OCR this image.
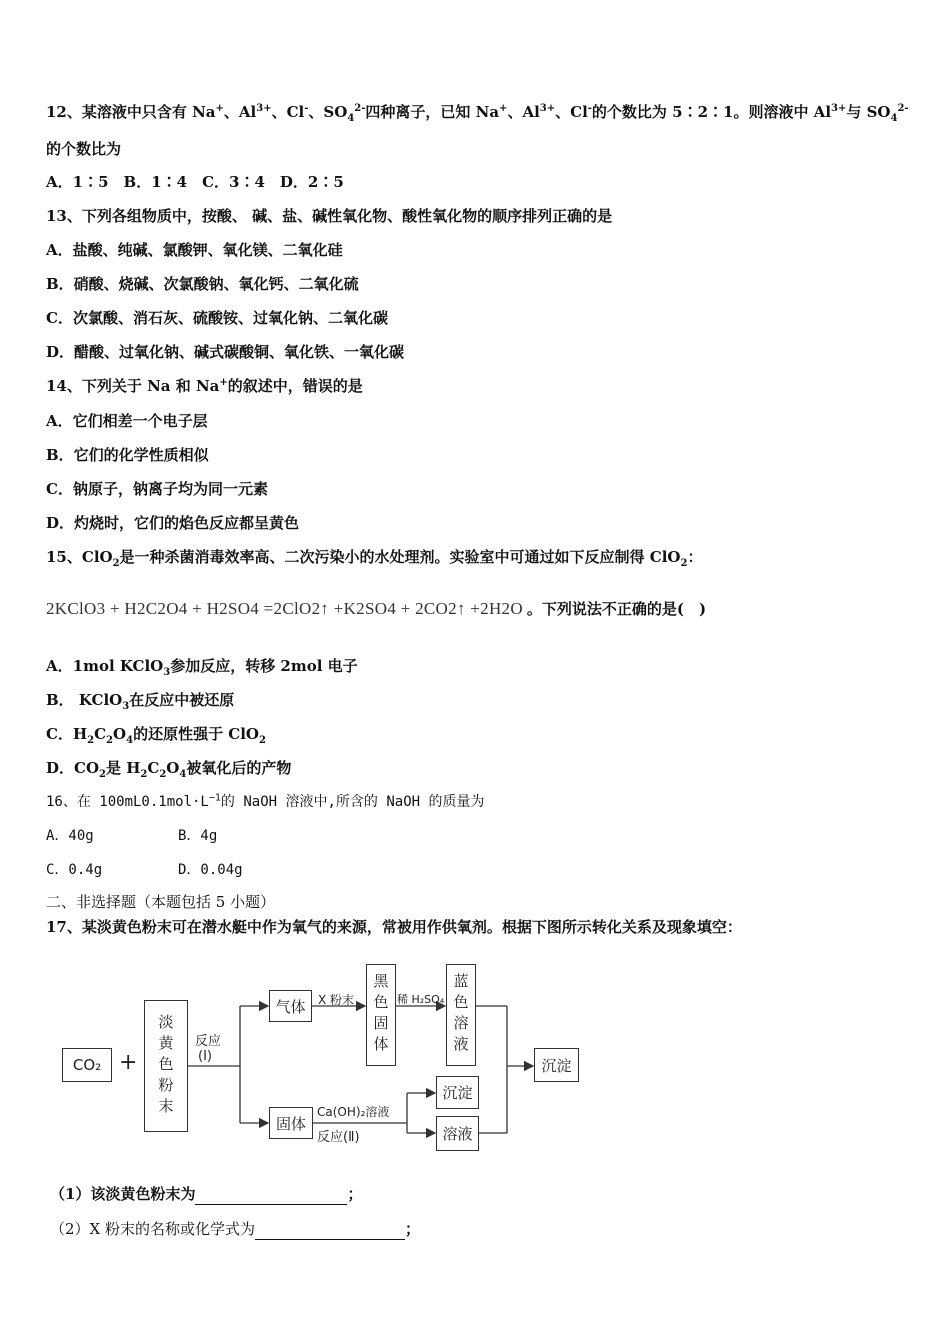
12、某溶液中只含有 Na+、$Al^{3+}$、Cl-、$SO_4^{2-}$四种离子，已知 Na+、$Al^{3+}$、Cl-的个数比为 5∶2∶1。则溶液中 $Al^{3+}$与 $SO_4^{2-}$
的个数比为
A．1∶5　B．1∶4　C．3∶4　D．2∶5
13、下列各组物质中，按酸、 碱、盐、碱性氧化物、酸性氧化物的顺序排列正确的是
A．盐酸、纯碱、氯酸钾、氧化镁、二氧化硅
B．硝酸、烧碱、次氯酸钠、氧化钙、二氧化硫
C．次氯酸、消石灰、硫酸铵、过氧化钠、二氧化碳
D．醋酸、过氧化钠、碱式碳酸铜、氧化铁、一氧化碳
14、下列关于 Na 和 Na+的叙述中，错误的是
A．它们相差一个电子层
B．它们的化学性质相似
C．钠原子，钠离子均为同一元素
D．灼烧时，它们的焰色反应都呈黄色
15、ClO$_2$是一种杀菌消毒效率高、二次污染小的水处理剂。实验室中可通过如下反应制得 ClO$_2$：
2KClO3 + H2C2O4 + H2SO4 =2ClO2↑ +K2SO4 + 2CO2↑ +2H2O 。下列说法不正确的是(　)
A．1mol KClO$_3$参加反应，转移 2mol 电子
B． KClO$_3$在反应中被还原
C．$H_2C_2O_4$的还原性强于 ClO$_2$
D．$CO_2$是 $H_2C_2O_4$被氧化后的产物
16、在 $100mL0.1mol\cdot L^{-1}$的 NaOH 溶液中,所含的 NaOH 的质量为
A．40g	B．4g
C．0.4g	D．0.04g
二、非选择题（本题包括 5 小题）
17、某淡黄色粉末可在潜水艇中作为氧气的来源，常被用作供氧剂。根据下图所示转化关系及现象填空：
CO₂ +	淡黄色粉末	反应
(Ⅰ)
气体	X 粉末	黑色固体 稀 H₂SO₄ 蓝色溶液
固体
Ca(OH)₂溶液
反应(Ⅱ)
沉淀
溶液
沉淀
（1）该淡黄色粉末为	；
（2）X 粉末的名称或化学式为	；
